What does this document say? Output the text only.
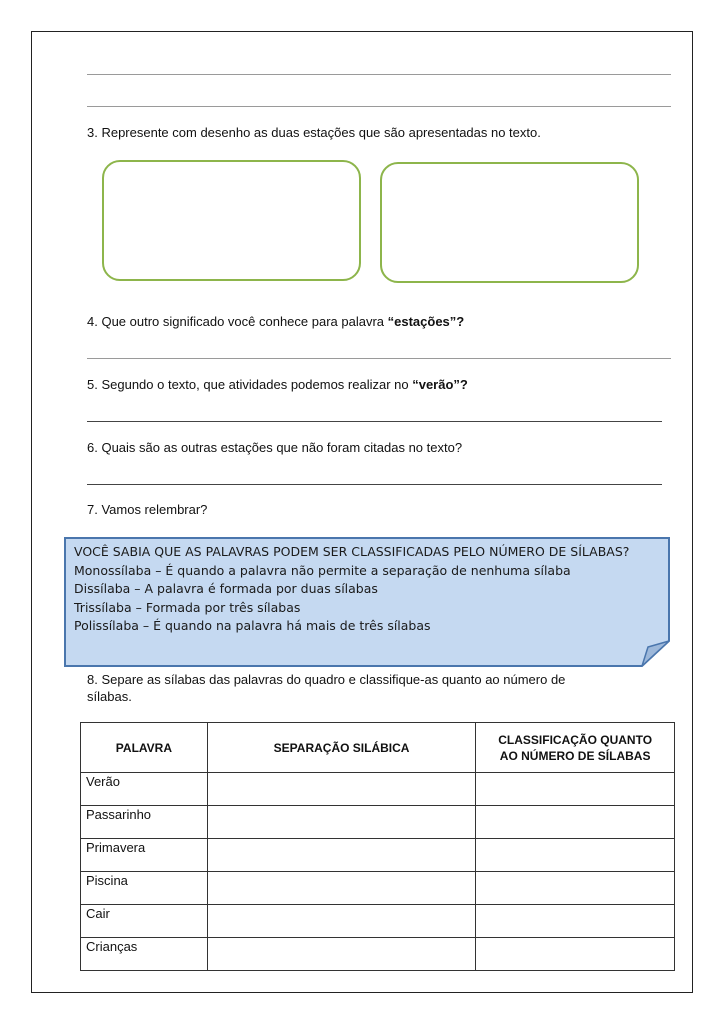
3. Represente com desenho as duas estações que são apresentadas no texto.
4. Que outro significado você conhece para palavra “estações”?
5. Segundo o texto, que atividades podemos realizar no “verão”?
6. Quais são as outras estações que não foram citadas no texto?
7. Vamos relembrar?
VOCÊ SABIA QUE AS PALAVRAS PODEM SER CLASSIFICADAS PELO NÚMERO DE SÍLABAS?
Monossílaba – É quando a palavra não permite a separação de nenhuma sílaba
Dissílaba – A palavra é formada por duas sílabas
Trissílaba – Formada por três sílabas
Polissílaba – É quando na palavra há mais de três sílabas
8. Separe as sílabas das palavras do quadro e classifique-as quanto ao número de
sílabas.
PALAVRA	SEPARAÇÃO SILÁBICA	CLASSIFICAÇÃO QUANTO
AO NÚMERO DE SÍLABAS
Verão		
Passarinho		
Primavera		
Piscina		
Cair		
Crianças		
